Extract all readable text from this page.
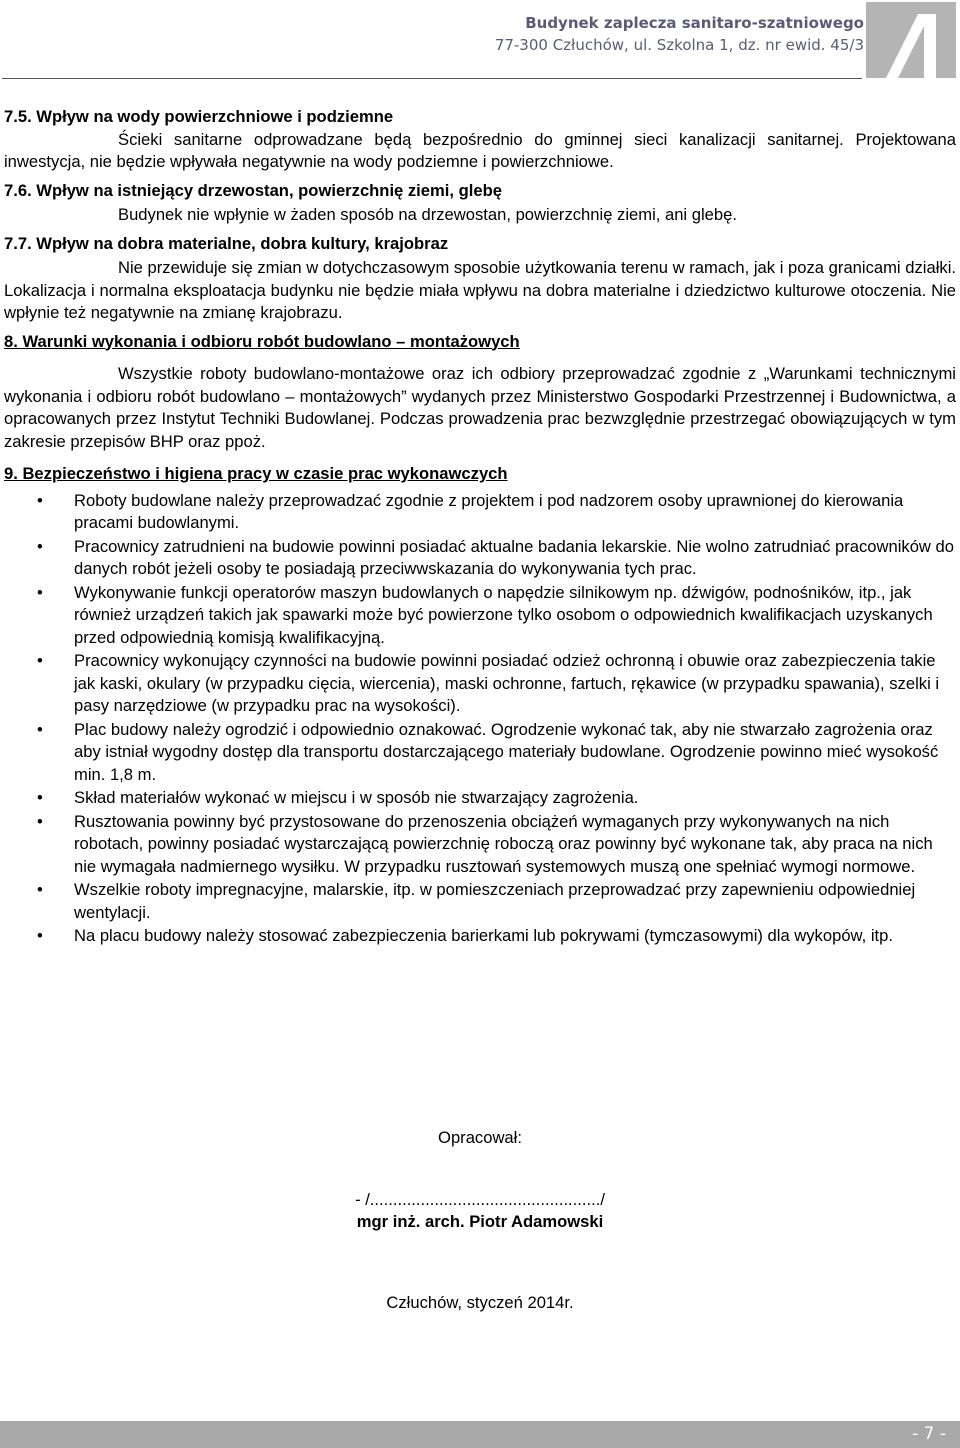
Budynek zaplecza sanitaro-szatniowego
77-300 Człuchów, ul. Szkolna 1, dz. nr ewid. 45/3
7.5. Wpływ na wody powierzchniowe i podziemne

Ścieki sanitarne odprowadzane będą bezpośrednio do gminnej sieci kanalizacji sanitarnej. Projektowana inwestycja, nie będzie wpływała negatywnie na wody podziemne i powierzchniowe.

7.6. Wpływ na istniejący drzewostan, powierzchnię ziemi, glebę

Budynek nie wpłynie w żaden sposób na drzewostan, powierzchnię ziemi, ani glebę.

7.7. Wpływ na dobra materialne, dobra kultury, krajobraz

Nie przewiduje się zmian w dotychczasowym sposobie użytkowania terenu w ramach, jak i poza granicami działki. Lokalizacja i normalna eksploatacja budynku nie będzie miała wpływu na dobra materialne i dziedzictwo kulturowe otoczenia. Nie wpłynie też negatywnie na zmianę krajobrazu.

8. Warunki wykonania i odbioru robót budowlano – montażowych

Wszystkie roboty budowlano-montażowe oraz ich odbiory przeprowadzać zgodnie z „Warunkami technicznymi wykonania i odbioru robót budowlano – montażowych” wydanych przez Ministerstwo Gospodarki Przestrzennej i Budownictwa, a opracowanych przez Instytut Techniki Budowlanej. Podczas prowadzenia prac bezwzględnie przestrzegać obowiązujących w tym zakresie przepisów BHP oraz ppoż.

9. Bezpieczeństwo i higiena pracy w czasie prac wykonawczych
• Roboty budowlane należy przeprowadzać zgodnie z projektem i pod nadzorem osoby uprawnionej do kierowania pracami budowlanymi.
• Pracownicy zatrudnieni na budowie powinni posiadać aktualne badania lekarskie. Nie wolno zatrudniać pracowników do danych robót jeżeli osoby te posiadają przeciwwskazania do wykonywania tych prac.
• Wykonywanie funkcji operatorów maszyn budowlanych o napędzie silnikowym np. dźwigów, podnośników, itp., jak również urządzeń takich jak spawarki może być powierzone tylko osobom o odpowiednich kwalifikacjach uzyskanych przed odpowiednią komisją kwalifikacyjną.
• Pracownicy wykonujący czynności na budowie powinni posiadać odzież ochronną i obuwie oraz zabezpieczenia takie jak kaski, okulary (w przypadku cięcia, wiercenia), maski ochronne, fartuch, rękawice (w przypadku spawania), szelki i pasy narzędziowe (w przypadku prac na wysokości).
• Plac budowy należy ogrodzić i odpowiednio oznakować. Ogrodzenie wykonać tak, aby nie stwarzało zagrożenia oraz aby istniał wygodny dostęp dla transportu dostarczającego materiały budowlane. Ogrodzenie powinno mieć wysokość min. 1,8 m.
• Skład materiałów wykonać w miejscu i w sposób nie stwarzający zagrożenia.
• Rusztowania powinny być przystosowane do przenoszenia obciążeń wymaganych przy wykonywanych na nich robotach, powinny posiadać wystarczającą powierzchnię roboczą oraz powinny być wykonane tak, aby praca na nich nie wymagała nadmiernego wysiłku. W przypadku rusztowań systemowych muszą one spełniać wymogi normowe.
• Wszelkie roboty impregnacyjne, malarskie, itp. w pomieszczeniach przeprowadzać przy zapewnieniu odpowiedniej wentylacji.
• Na placu budowy należy stosować zabezpieczenia barierkami lub pokrywami (tymczasowymi) dla wykopów, itp.
Opracował:
- /................................................../
mgr inż. arch. Piotr Adamowski
Człuchów, styczeń 2014r.
- 7 -
